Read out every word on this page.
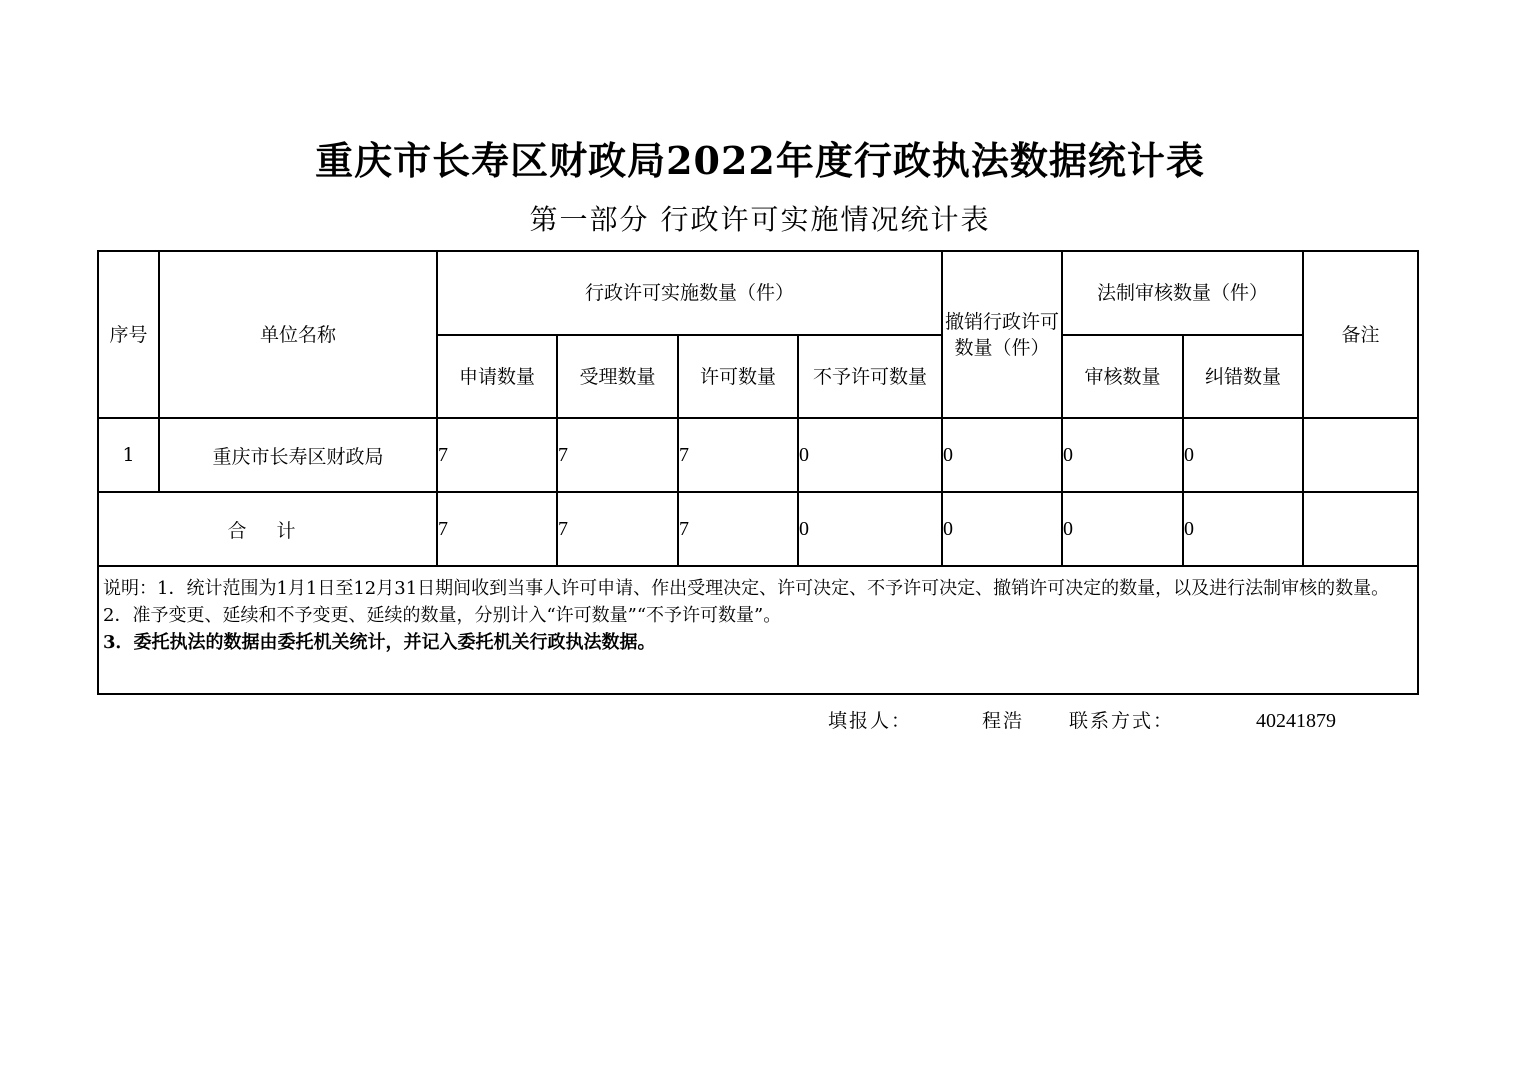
重庆市长寿区财政局2022年度行政执法数据统计表
第一部分 行政许可实施情况统计表
序号	单位名称	行政许可实施数量（件）				撤销行政许可数量（件）	法制审核数量（件）		备注
		申请数量	受理数量	许可数量	不予许可数量		审核数量	纠错数量	
1	重庆市长寿区财政局	7	7	7	0	0	0	0	
合 计		7	7	7	0	0	0	0	

说明：1．统计范围为1月1日至12月31日期间收到当事人许可申请、作出受理决定、许可决定、不予许可决定、撤销许可决定的数量，以及进行法制审核的数量。
2．准予变更、延续和不予变更、延续的数量，分别计入“许可数量”“不予许可数量”。
3．委托执法的数据由委托机关统计，并记入委托机关行政执法数据。									
填报人：	程浩 联系方式：	40241879
